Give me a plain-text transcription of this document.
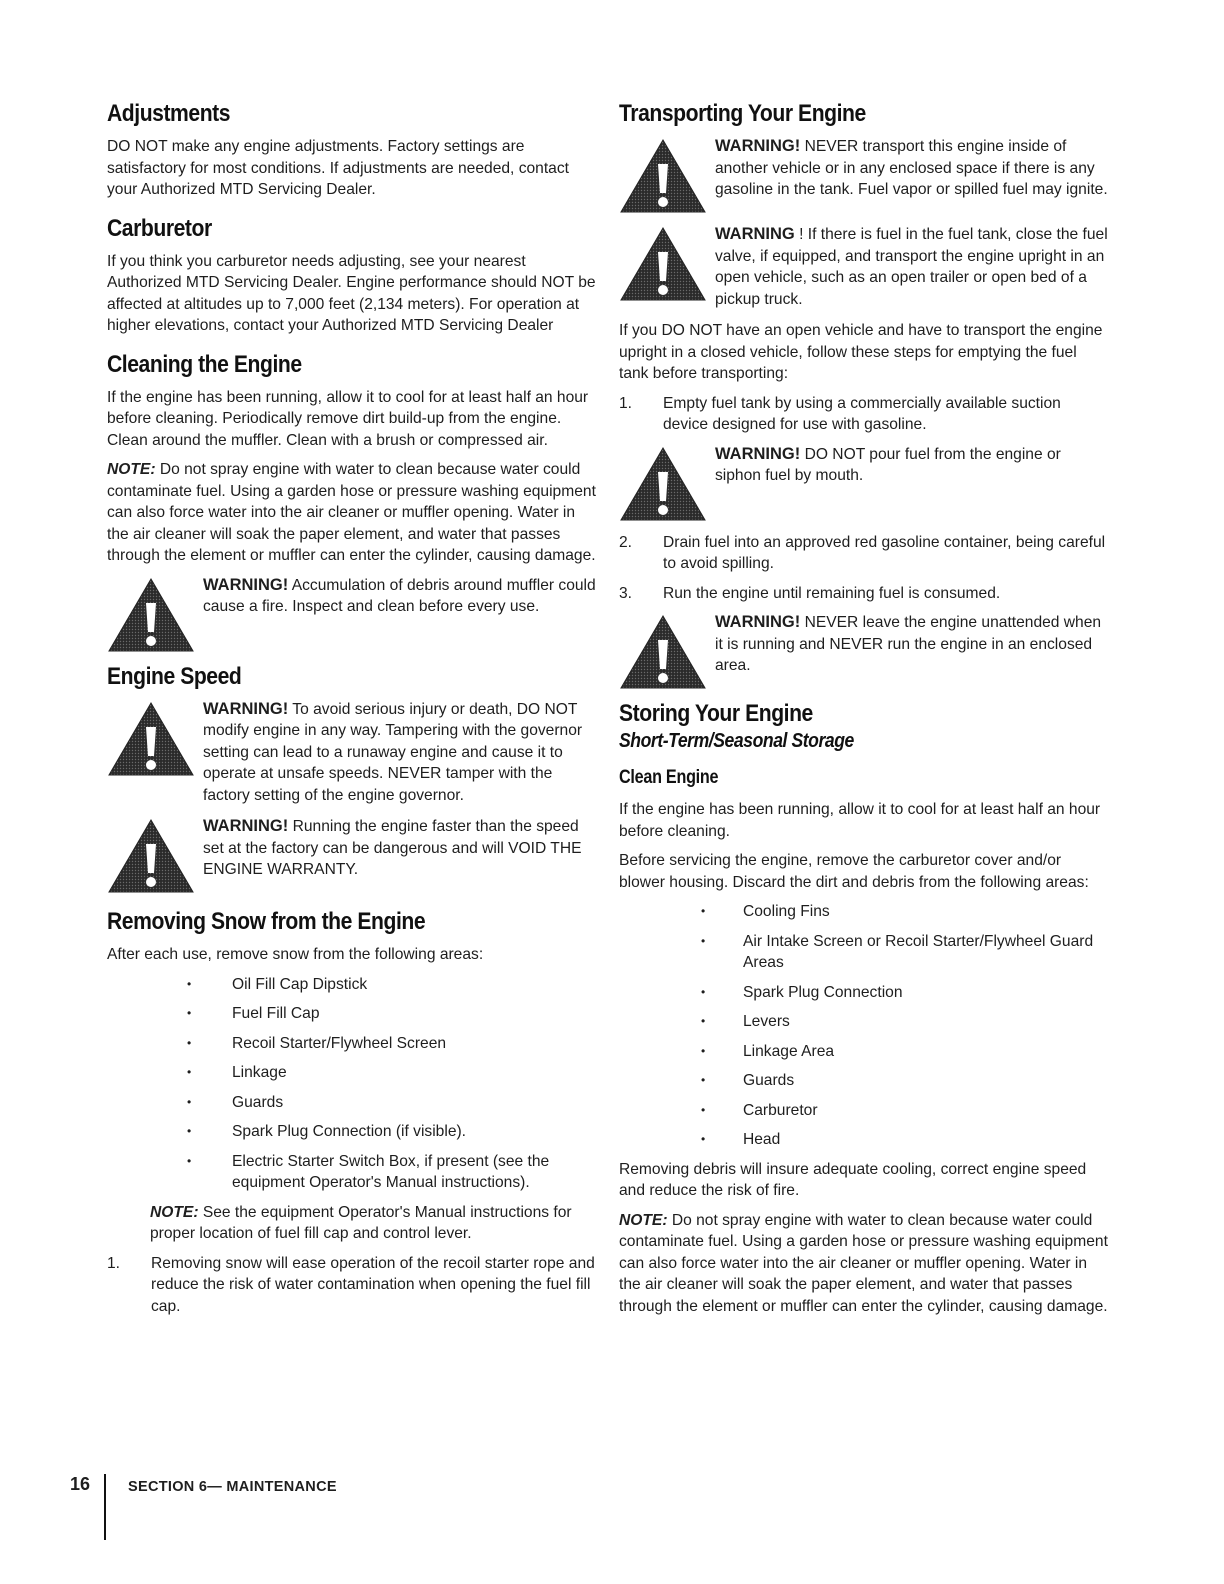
Adjustments

DO NOT make any engine adjustments. Factory settings are satisfactory for most conditions. If adjustments are needed, contact your Authorized MTD Servicing Dealer.

Carburetor

If you think you carburetor needs adjusting, see your nearest Authorized MTD Servicing Dealer. Engine performance should NOT be affected at altitudes up to 7,000 feet (2,134 meters). For operation at higher elevations, contact your Authorized MTD Servicing Dealer

Cleaning the Engine

If the engine has been running, allow it to cool for at least half an hour before cleaning. Periodically remove dirt build-up from the engine. Clean around the muffler. Clean with a brush or compressed air.

NOTE: Do not spray engine with water to clean because water could contaminate fuel. Using a garden hose or pressure washing equipment can also force water into the air cleaner or muffler opening. Water in the air cleaner will soak the paper element, and water that passes through the element or muffler can enter the cylinder, causing damage.

WARNING! Accumulation of debris around muffler could cause a fire. Inspect and clean before every use.
Engine Speed
WARNING! To avoid serious injury or death, DO NOT modify engine in any way. Tampering with the governor setting can lead to a runaway engine and cause it to operate at unsafe speeds. NEVER tamper with the factory setting of the engine governor.
WARNING! Running the engine faster than the speed set at the factory can be dangerous and will VOID THE ENGINE WARRANTY.
Removing Snow from the Engine

After each use, remove snow from the following areas:

•	Oil Fill Cap Dipstick
•	Fuel Fill Cap
•	Recoil Starter/Flywheel Screen
•	Linkage
•	Guards
•	Spark Plug Connection (if visible).
•	Electric Starter Switch Box, if present (see the equipment Operator's Manual instructions).

NOTE: See the equipment Operator's Manual instructions for proper location of fuel fill cap and control lever.

1. Removing snow will ease operation of the recoil starter rope and reduce the risk of water contamination when opening the fuel fill cap.
Transporting Your Engine
WARNING! NEVER transport this engine inside of another vehicle or in any enclosed space if there is any gasoline in the tank. Fuel vapor or spilled fuel may ignite.
WARNING ! If there is fuel in the fuel tank, close the fuel valve, if equipped, and transport the engine upright in an open vehicle, such as an open trailer or open bed of a pickup truck.

If you DO NOT have an open vehicle and have to transport the engine upright in a closed vehicle, follow these steps for emptying the fuel tank before transporting:

1. Empty fuel tank by using a commercially available suction device designed for use with gasoline.
WARNING! DO NOT pour fuel from the engine or siphon fuel by mouth.
2. Drain fuel into an approved red gasoline container, being careful to avoid spilling.
3. Run the engine until remaining fuel is consumed.
WARNING! NEVER leave the engine unattended when it is running and NEVER run the engine in an enclosed area.
Storing Your Engine
Short-Term/Seasonal Storage
Clean Engine

If the engine has been running, allow it to cool for at least half an hour before cleaning.

Before servicing the engine, remove the carburetor cover and/or blower housing. Discard the dirt and debris from the following areas:

• Cooling Fins
• Air Intake Screen or Recoil Starter/Flywheel Guard Areas
• Spark Plug Connection
• Levers
• Linkage Area
• Guards
• Carburetor
• Head

Removing debris will insure adequate cooling, correct engine speed and reduce the risk of fire.

NOTE: Do not spray engine with water to clean because water could contaminate fuel. Using a garden hose or pressure washing equipment can also force water into the air cleaner or muffler opening. Water in the air cleaner will soak the paper element, and water that passes through the element or muffler can enter the cylinder, causing damage.

16	SECTION 6— MAINTENANCE
